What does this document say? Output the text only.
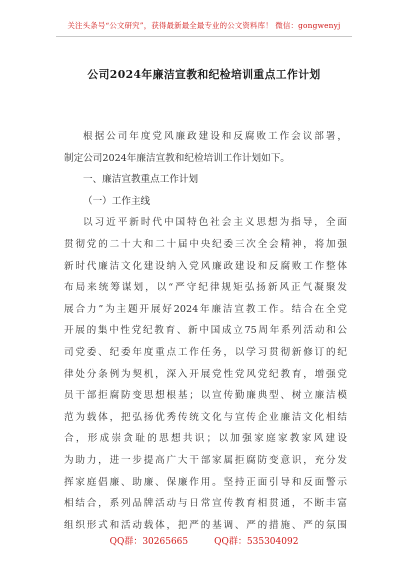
关注头条号“公文研究”，获得最新最全最专业的公文资料库！ 微信：gongwenyj
公司2024年廉洁宣教和纪检培训重点工作计划
根据公司年度党风廉政建设和反腐败工作会议部署，
制定公司2024年廉洁宣教和纪检培训工作计划如下。
一、廉洁宣教重点工作计划
（一）工作主线
以习近平新时代中国特色社会主义思想为指导，全面
贯彻党的二十大和二十届中央纪委三次全会精神，将加强
新时代廉洁文化建设纳入党风廉政建设和反腐败工作整体
布局来统筹谋划，以“严守纪律规矩弘扬新风正气凝聚发
展合力”为主题开展好2024年廉洁宣教工作。结合在全党
开展的集中性党纪教育、新中国成立75周年系列活动和公
司党委、纪委年度重点工作任务，以学习贯彻新修订的纪
律处分条例为契机，深入开展党性党风党纪教育，增强党
员干部拒腐防变思想根基；以宣传勤廉典型、树立廉洁模
范为载体，把弘扬优秀传统文化与宣传企业廉洁文化相结
合，形成崇贪耻的思想共识；以加强家庭家教家风建设
为助力，进一步提高广大干部家属拒腐防变意识，充分发
挥家庭倡廉、助廉、保廉作用。坚持正面引导和反面警示
相结合，系列品牌活动与日常宣传教育相贯通，不断丰富
组织形式和活动载体，把严的基调、严的措施、严的氛围
QQ群：30265665	QQ群：535304092
